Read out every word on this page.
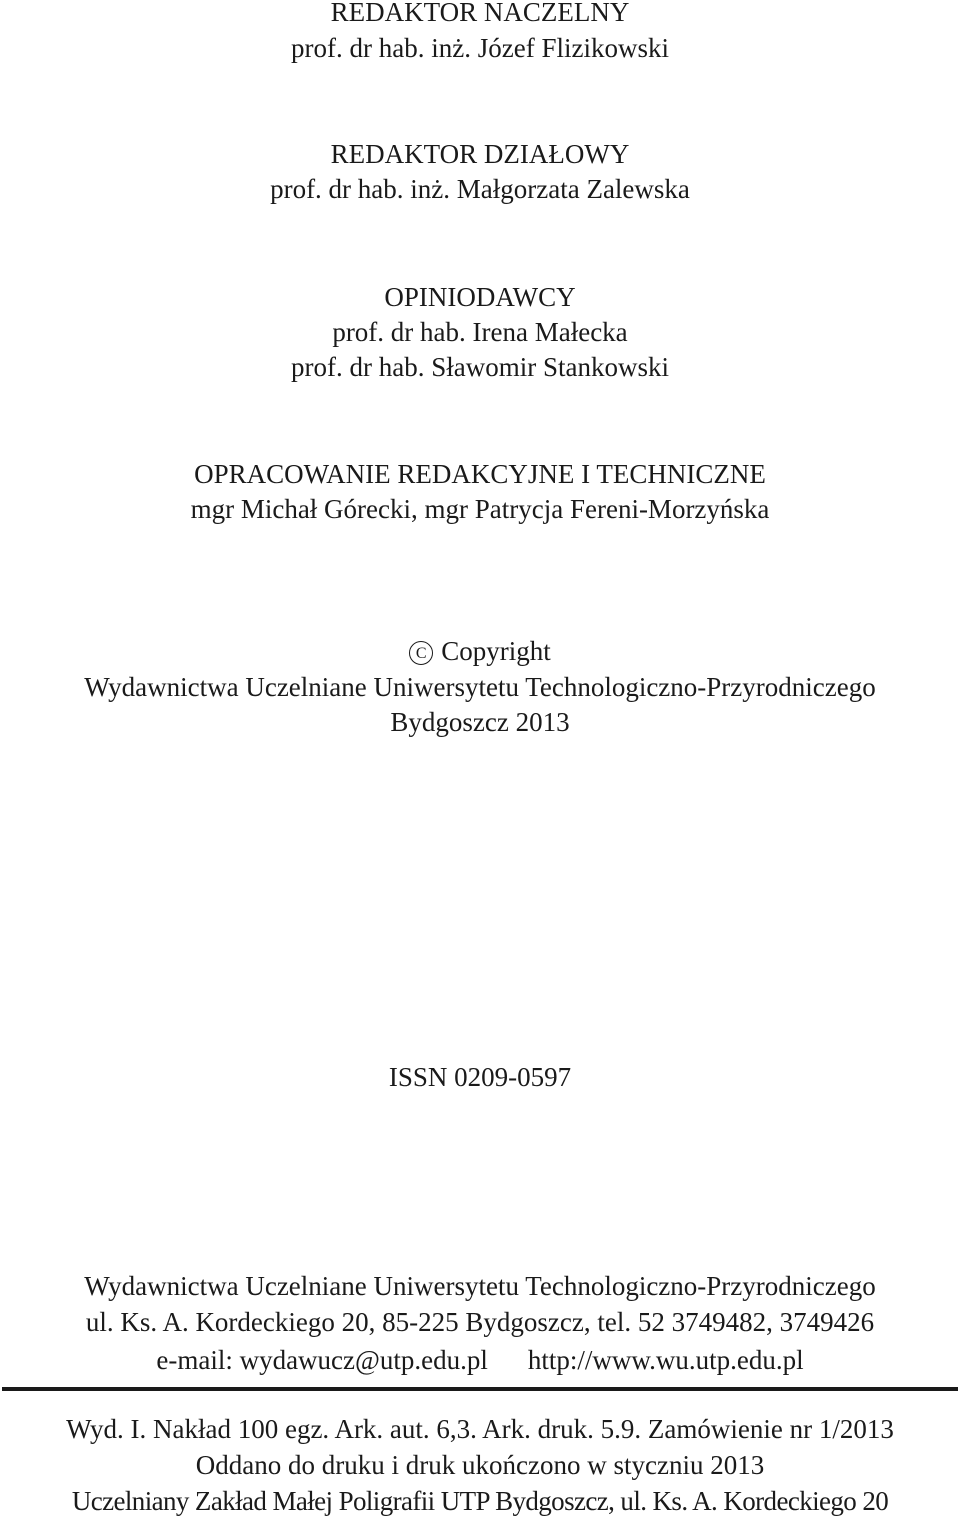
REDAKTOR NACZELNY
prof. dr hab. inż. Józef Flizikowski
REDAKTOR DZIAŁOWY
prof. dr hab. inż. Małgorzata Zalewska
OPINIODAWCY
prof. dr hab. Irena Małecka
prof. dr hab. Sławomir Stankowski
OPRACOWANIE REDAKCYJNE I TECHNICZNE
mgr Michał Górecki, mgr Patrycja Fereni-Morzyńska
C Copyright
Wydawnictwa Uczelniane Uniwersytetu Technologiczno-Przyrodniczego
Bydgoszcz 2013
ISSN 0209-0597
Wydawnictwa Uczelniane Uniwersytetu Technologiczno-Przyrodniczego
ul. Ks. A. Kordeckiego 20, 85-225 Bydgoszcz, tel. 52 3749482, 3749426
e-mail: wydawucz@utp.edu.pl http://www.wu.utp.edu.pl
Wyd. I. Nakład 100 egz. Ark. aut. 6,3. Ark. druk. 5.9. Zamówienie nr 1/2013
Oddano do druku i druk ukończono w styczniu 2013
Uczelniany Zakład Małej Poligrafii UTP Bydgoszcz, ul. Ks. A. Kordeckiego 20
